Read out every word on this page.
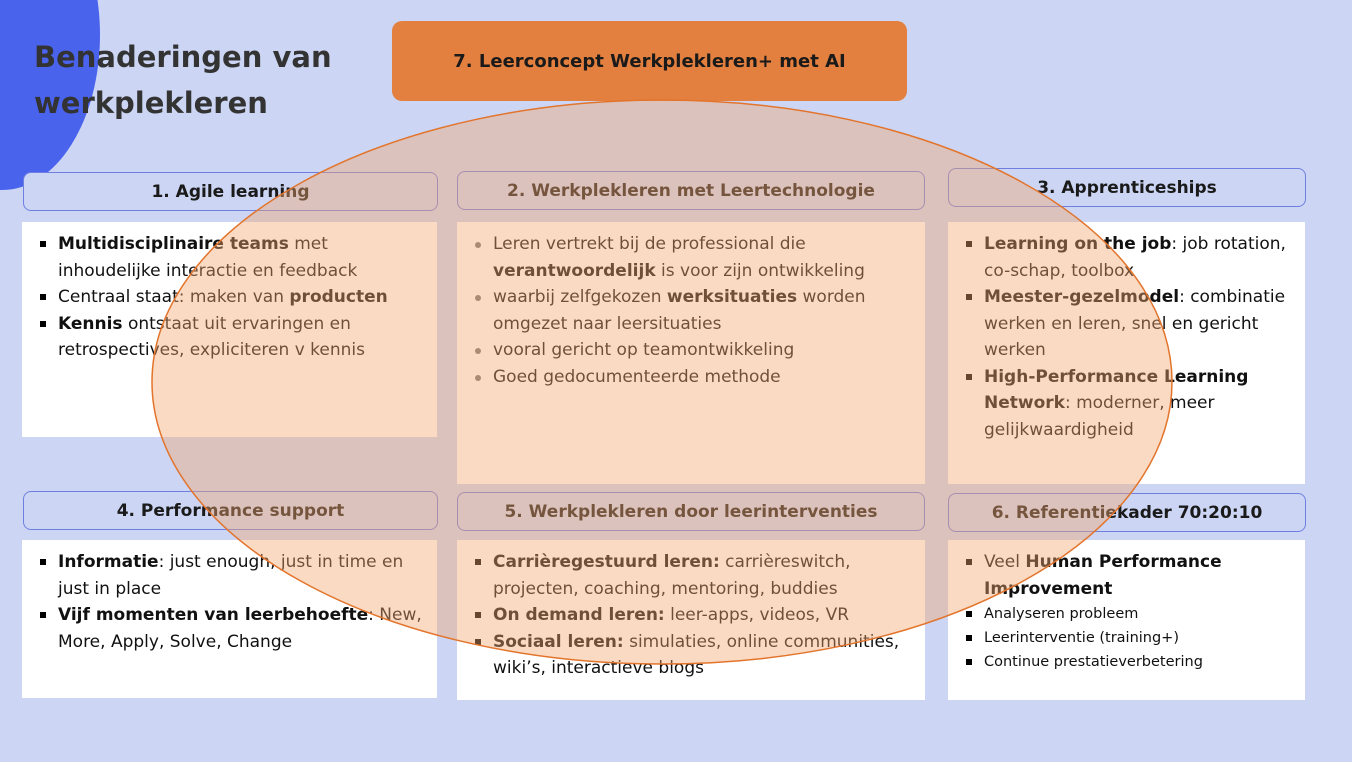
Benaderingen van werkplekleren
7. Leerconcept Werkplekleren+ met AI
1. Agile learning
Multidisciplinaire teams met inhoudelijke interactie en feedback
Centraal staat: maken van producten
Kennis ontstaat uit ervaringen en retrospectives, expliciteren v kennis
2. Werkplekleren met Leertechnologie
Leren vertrekt bij de professional die verantwoordelijk is voor zijn ontwikkeling
waarbij zelfgekozen werksituaties worden omgezet naar leersituaties
vooral gericht op teamontwikkeling
Goed gedocumenteerde methode
3. Apprenticeships
Learning on the job: job rotation, co-schap, toolbox
Meester-gezelmodel: combinatie werken en leren, snel en gericht werken
High-Performance Learning Network: moderner, meer gelijkwaardigheid
4. Performance support
Informatie: just enough, just in time en just in place
Vijf momenten van leerbehoefte: New, More, Apply, Solve, Change
5. Werkplekleren door leerinterventies
Carrièregestuurd leren: carrièreswitch, projecten, coaching, mentoring, buddies
On demand leren: leer-apps, videos, VR
Sociaal leren: simulaties, online communities, wiki’s, interactieve blogs
6. Referentiekader 70:20:10
Veel Human Performance Improvement
Analyseren probleem
Leerinterventie (training+)
Continue prestatieverbetering
